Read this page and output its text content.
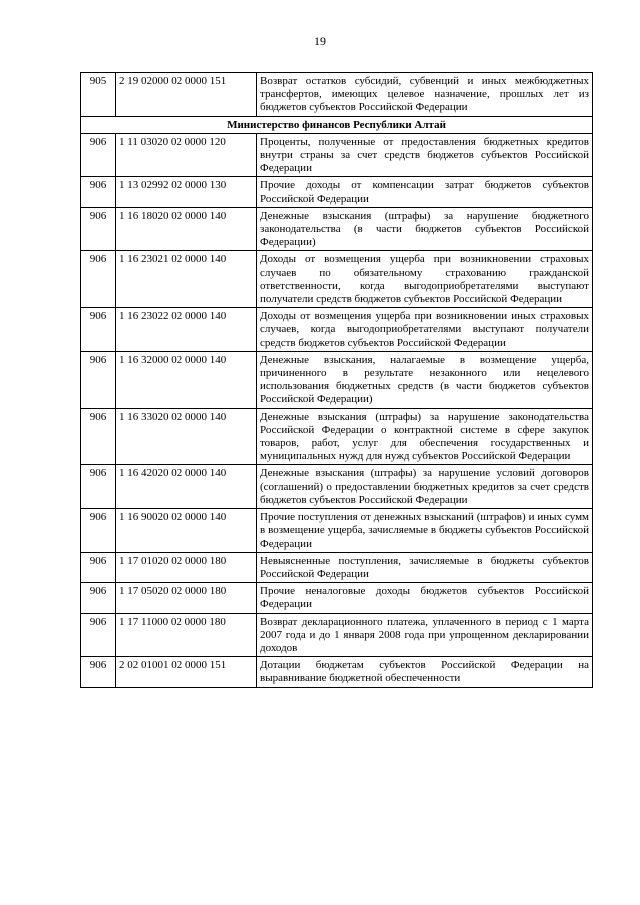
19
905	2 19 02000 02 0000 151	Возврат остатков субсидий, субвенций и иных межбюджетных трансфертов, имеющих целевое назначение, прошлых лет из бюджетов субъектов Российской Федерации
Министерство финансов Республики Алтай		
906	1 11 03020 02 0000 120	Проценты, полученные от предоставления бюджетных кредитов внутри страны за счет средств бюджетов субъектов Российской Федерации
906	1 13 02992 02 0000 130	Прочие доходы от компенсации затрат бюджетов субъектов Российской Федерации
906	1 16 18020 02 0000 140	Денежные взыскания (штрафы) за нарушение бюджетного законодательства (в части бюджетов субъектов Российской Федерации)
906	1 16 23021 02 0000 140	Доходы от возмещения ущерба при возникновении страховых случаев по обязательному страхованию гражданской ответственности, когда выгодоприобретателями выступают получатели средств бюджетов субъектов Российской Федерации
906	1 16 23022 02 0000 140	Доходы от возмещения ущерба при возникновении иных страховых случаев, когда выгодоприобретателями выступают получатели средств бюджетов субъектов Российской Федерации
906	1 16 32000 02 0000 140	Денежные взыскания, налагаемые в возмещение ущерба, причиненного в результате незаконного или нецелевого использования бюджетных средств (в части бюджетов субъектов Российской Федерации)
906	1 16 33020 02 0000 140	Денежные взыскания (штрафы) за нарушение законодательства Российской Федерации о контрактной системе в сфере закупок товаров, работ, услуг для обеспечения государственных и муниципальных нужд для нужд субъектов Российской Федерации
906	1 16 42020 02 0000 140	Денежные взыскания (штрафы) за нарушение условий договоров (соглашений) о предоставлении бюджетных кредитов за счет средств бюджетов субъектов Российской Федерации
906	1 16 90020 02 0000 140	Прочие поступления от денежных взысканий (штрафов) и иных сумм в возмещение ущерба, зачисляемые в бюджеты субъектов Российской Федерации
906	1 17 01020 02 0000 180	Невыясненные поступления, зачисляемые в бюджеты субъектов Российской Федерации
906	1 17 05020 02 0000 180	Прочие неналоговые доходы бюджетов субъектов Российской Федерации
906	1 17 11000 02 0000 180	Возврат декларационного платежа, уплаченного в период с 1 марта 2007 года и до 1 января 2008 года при упрощенном декларировании доходов
906	2 02 01001 02 0000 151	Дотации бюджетам субъектов Российской Федерации на выравнивание бюджетной обеспеченности
